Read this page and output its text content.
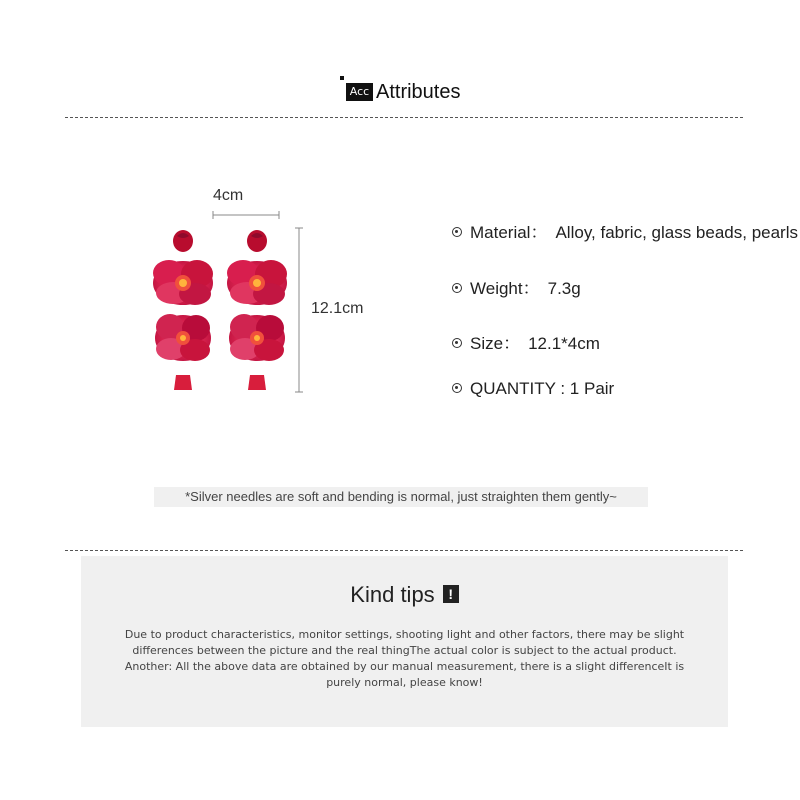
Acc Attributes
4cm
12.1cm
Material： Alloy, fabric, glass beads, pearls
Weight： 7.3g
Size： 12.1*4cm
QUANTITY : 1 Pair
*Silver needles are soft and bending is normal, just straighten them gently~
Kind tips !
Due to product characteristics, monitor settings, shooting light and other factors, there may be slight
differences between the picture and the real thingThe actual color is subject to the actual product.
Another: All the above data are obtained by our manual measurement, there is a slight differenceIt is
purely normal, please know!
